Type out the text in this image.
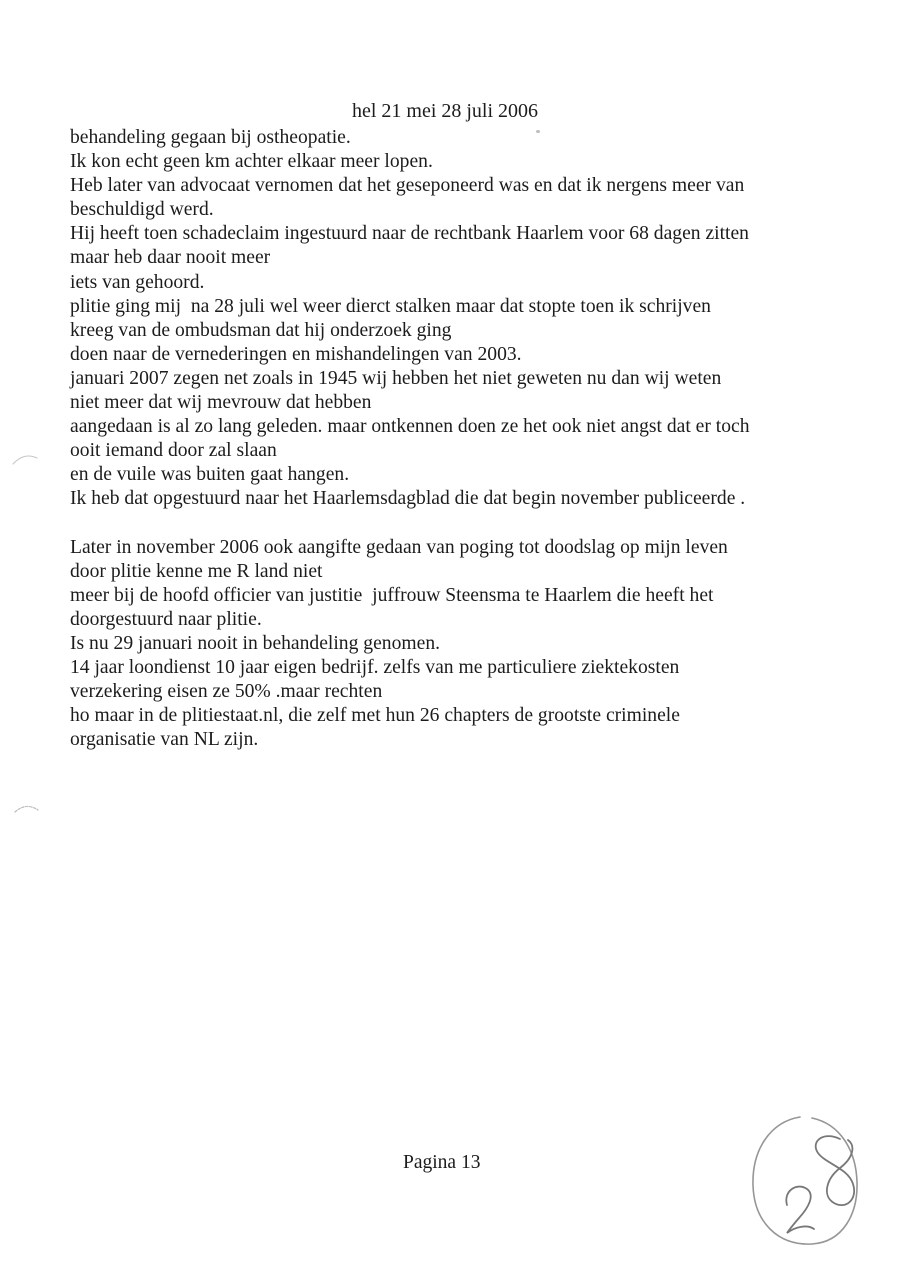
hel 21 mei 28 juli 2006
behandeling gegaan bij ostheopatie.
Ik kon echt geen km achter elkaar meer lopen.
Heb later van advocaat vernomen dat het geseponeerd was en dat ik nergens meer van
beschuldigd werd.
Hij heeft toen schadeclaim ingestuurd naar de rechtbank Haarlem voor 68 dagen zitten
maar heb daar nooit meer
iets van gehoord.
plitie ging mij  na 28 juli wel weer dierct stalken maar dat stopte toen ik schrijven
kreeg van de ombudsman dat hij onderzoek ging
doen naar de vernederingen en mishandelingen van 2003.
januari 2007 zegen net zoals in 1945 wij hebben het niet geweten nu dan wij weten
niet meer dat wij mevrouw dat hebben
aangedaan is al zo lang geleden. maar ontkennen doen ze het ook niet angst dat er toch
ooit iemand door zal slaan
en de vuile was buiten gaat hangen.
Ik heb dat opgestuurd naar het Haarlemsdagblad die dat begin november publiceerde .

Later in november 2006 ook aangifte gedaan van poging tot doodslag op mijn leven
door plitie kenne me R land niet
meer bij de hoofd officier van justitie  juffrouw Steensma te Haarlem die heeft het
doorgestuurd naar plitie.
Is nu 29 januari nooit in behandeling genomen.
14 jaar loondienst 10 jaar eigen bedrijf. zelfs van me particuliere ziektekosten
verzekering eisen ze 50% .maar rechten
ho maar in de plitiestaat.nl, die zelf met hun 26 chapters de grootste criminele
organisatie van NL zijn.
Pagina 13
